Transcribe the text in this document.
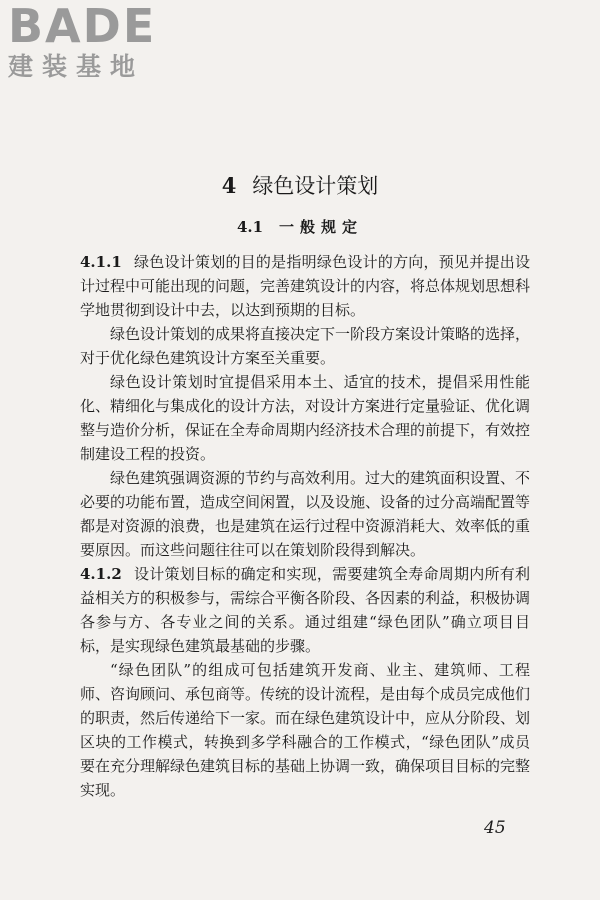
BADE
建装基地
4 绿色设计策划
4.1 一般规定

4.1.1 绿色设计策划的目的是指明绿色设计的方向，预见并提出设计过程中可能出现的问题，完善建筑设计的内容，将总体规划思想科学地贯彻到设计中去，以达到预期的目标。

绿色设计策划的成果将直接决定下一阶段方案设计策略的选择，对于优化绿色建筑设计方案至关重要。

绿色设计策划时宜提倡采用本土、适宜的技术，提倡采用性能化、精细化与集成化的设计方法，对设计方案进行定量验证、优化调整与造价分析，保证在全寿命周期内经济技术合理的前提下，有效控制建设工程的投资。

绿色建筑强调资源的节约与高效利用。过大的建筑面积设置、不必要的功能布置，造成空间闲置，以及设施、设备的过分高端配置等都是对资源的浪费，也是建筑在运行过程中资源消耗大、效率低的重要原因。而这些问题往往可以在策划阶段得到解决。

4.1.2 设计策划目标的确定和实现，需要建筑全寿命周期内所有利益相关方的积极参与，需综合平衡各阶段、各因素的利益，积极协调各参与方、各专业之间的关系。通过组建“绿色团队”确立项目目标，是实现绿色建筑最基础的步骤。

“绿色团队”的组成可包括建筑开发商、业主、建筑师、工程师、咨询顾问、承包商等。传统的设计流程，是由每个成员完成他们的职责，然后传递给下一家。而在绿色建筑设计中，应从分阶段、划区块的工作模式，转换到多学科融合的工作模式，“绿色团队”成员要在充分理解绿色建筑目标的基础上协调一致，确保项目目标的完整实现。

45
